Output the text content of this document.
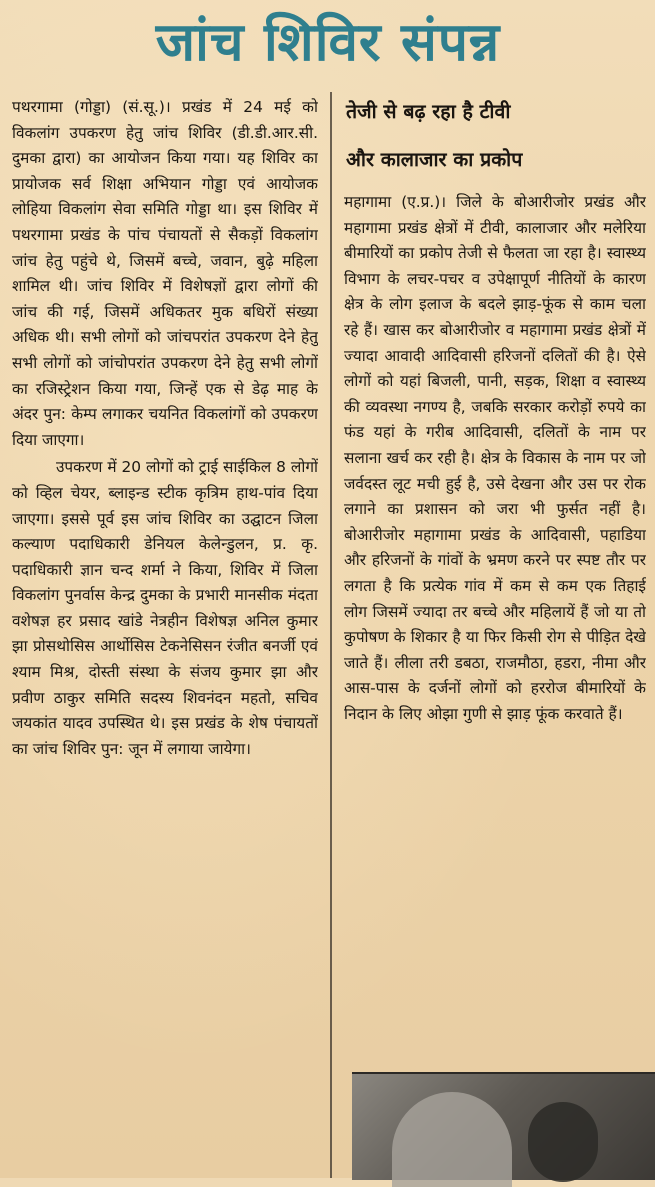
जांच शिविर संपन्न

पथरगामा (गोड्डा) (सं.सू.)। प्रखंड में 24 मई को विकलांग उपकरण हेतु जांच शिविर (डी.डी.आर.सी. दुमका द्वारा) का आयोजन किया गया। यह शिविर का प्रायोजक सर्व शिक्षा अभियान गोड्डा एवं आयोजक लोहिया विकलांग सेवा समिति गोड्डा था। इस शिविर में पथरगामा प्रखंड के पांच पंचायतों से सैकड़ों विकलांग जांच हेतु पहुंचे थे, जिसमें बच्चे, जवान, बुढ़े महिला शामिल थी। जांच शिविर में विशेषज्ञों द्वारा लोगों की जांच की गई, जिसमें अधिकतर मुक बधिरों संख्या अधिक थी। सभी लोगों को जांचपरांत उपकरण देने हेतु सभी लोगों को जांचोपरांत उपकरण देने हेतु सभी लोगों का रजिस्ट्रेशन किया गया, जिन्हें एक से डेढ़ माह के अंदर पुन: केम्प लगाकर चयनित विकलांगों को उपकरण दिया जाएगा।

उपकरण में 20 लोगों को ट्राई साईकिल 8 लोगों को व्हिल चेयर, ब्लाइन्ड स्टीक कृत्रिम हाथ-पांव दिया जाएगा। इससे पूर्व इस जांच शिविर का उद्घाटन जिला कल्याण पदाधिकारी डेनियल केलेन्डुलन, प्र. कृ. पदाधिकारी ज्ञान चन्द शर्मा ने किया, शिविर में जिला विकलांग पुनर्वास केन्द्र दुमका के प्रभारी मानसीक मंदता वशेषज्ञ हर प्रसाद खांडे नेत्रहीन विशेषज्ञ अनिल कुमार झा प्रोसथोसिस आर्थोसिस टेकनेसिसन रंजीत बनर्जी एवं श्याम मिश्र, दोस्ती संस्था के संजय कुमार झा और प्रवीण ठाकुर समिति सदस्य शिवनंदन महतो, सचिव जयकांत यादव उपस्थित थे। इस प्रखंड के शेष पंचायतों का जांच शिविर पुन: जून में लगाया जायेगा।

तेजी से बढ़ रहा है टीवी
और कालाजार का प्रकोप

महागामा (ए.प्र.)। जिले के बोआरीजोर प्रखंड और महागामा प्रखंड क्षेत्रों में टीवी, कालाजार और मलेरिया बीमारियों का प्रकोप तेजी से फैलता जा रहा है। स्वास्थ्य विभाग के लचर-पचर व उपेक्षापूर्ण नीतियों के कारण क्षेत्र के लोग इलाज के बदले झाड़-फूंक से काम चला रहे हैं। खास कर बोआरीजोर व महागामा प्रखंड क्षेत्रों में ज्यादा आवादी आदिवासी हरिजनों दलितों की है। ऐसे लोगों को यहां बिजली, पानी, सड़क, शिक्षा व स्वास्थ्य की व्यवस्था नगण्य है, जबकि सरकार करोड़ों रुपये का फंड यहां के गरीब आदिवासी, दलितों के नाम पर सलाना खर्च कर रही है। क्षेत्र के विकास के नाम पर जो जर्वदस्त लूट मची हुई है, उसे देखना और उस पर रोक लगाने का प्रशासन को जरा भी फुर्सत नहीं है। बोआरीजोर महागामा प्रखंड के आदिवासी, पहाडिया और हरिजनों के गांवों के भ्रमण करने पर स्पष्ट तौर पर लगता है कि प्रत्येक गांव में कम से कम एक तिहाई लोग जिसमें ज्यादा तर बच्चे और महिलायें हैं जो या तो कुपोषण के शिकार है या फिर किसी रोग से पीड़ित देखे जाते हैं। लीला तरी डबठा, राजमौठा, हडरा, नीमा और आस-पास के दर्जनों लोगों को हररोज बीमारियों के निदान के लिए ओझा गुणी से झाड़ फूंक करवाते हैं।
